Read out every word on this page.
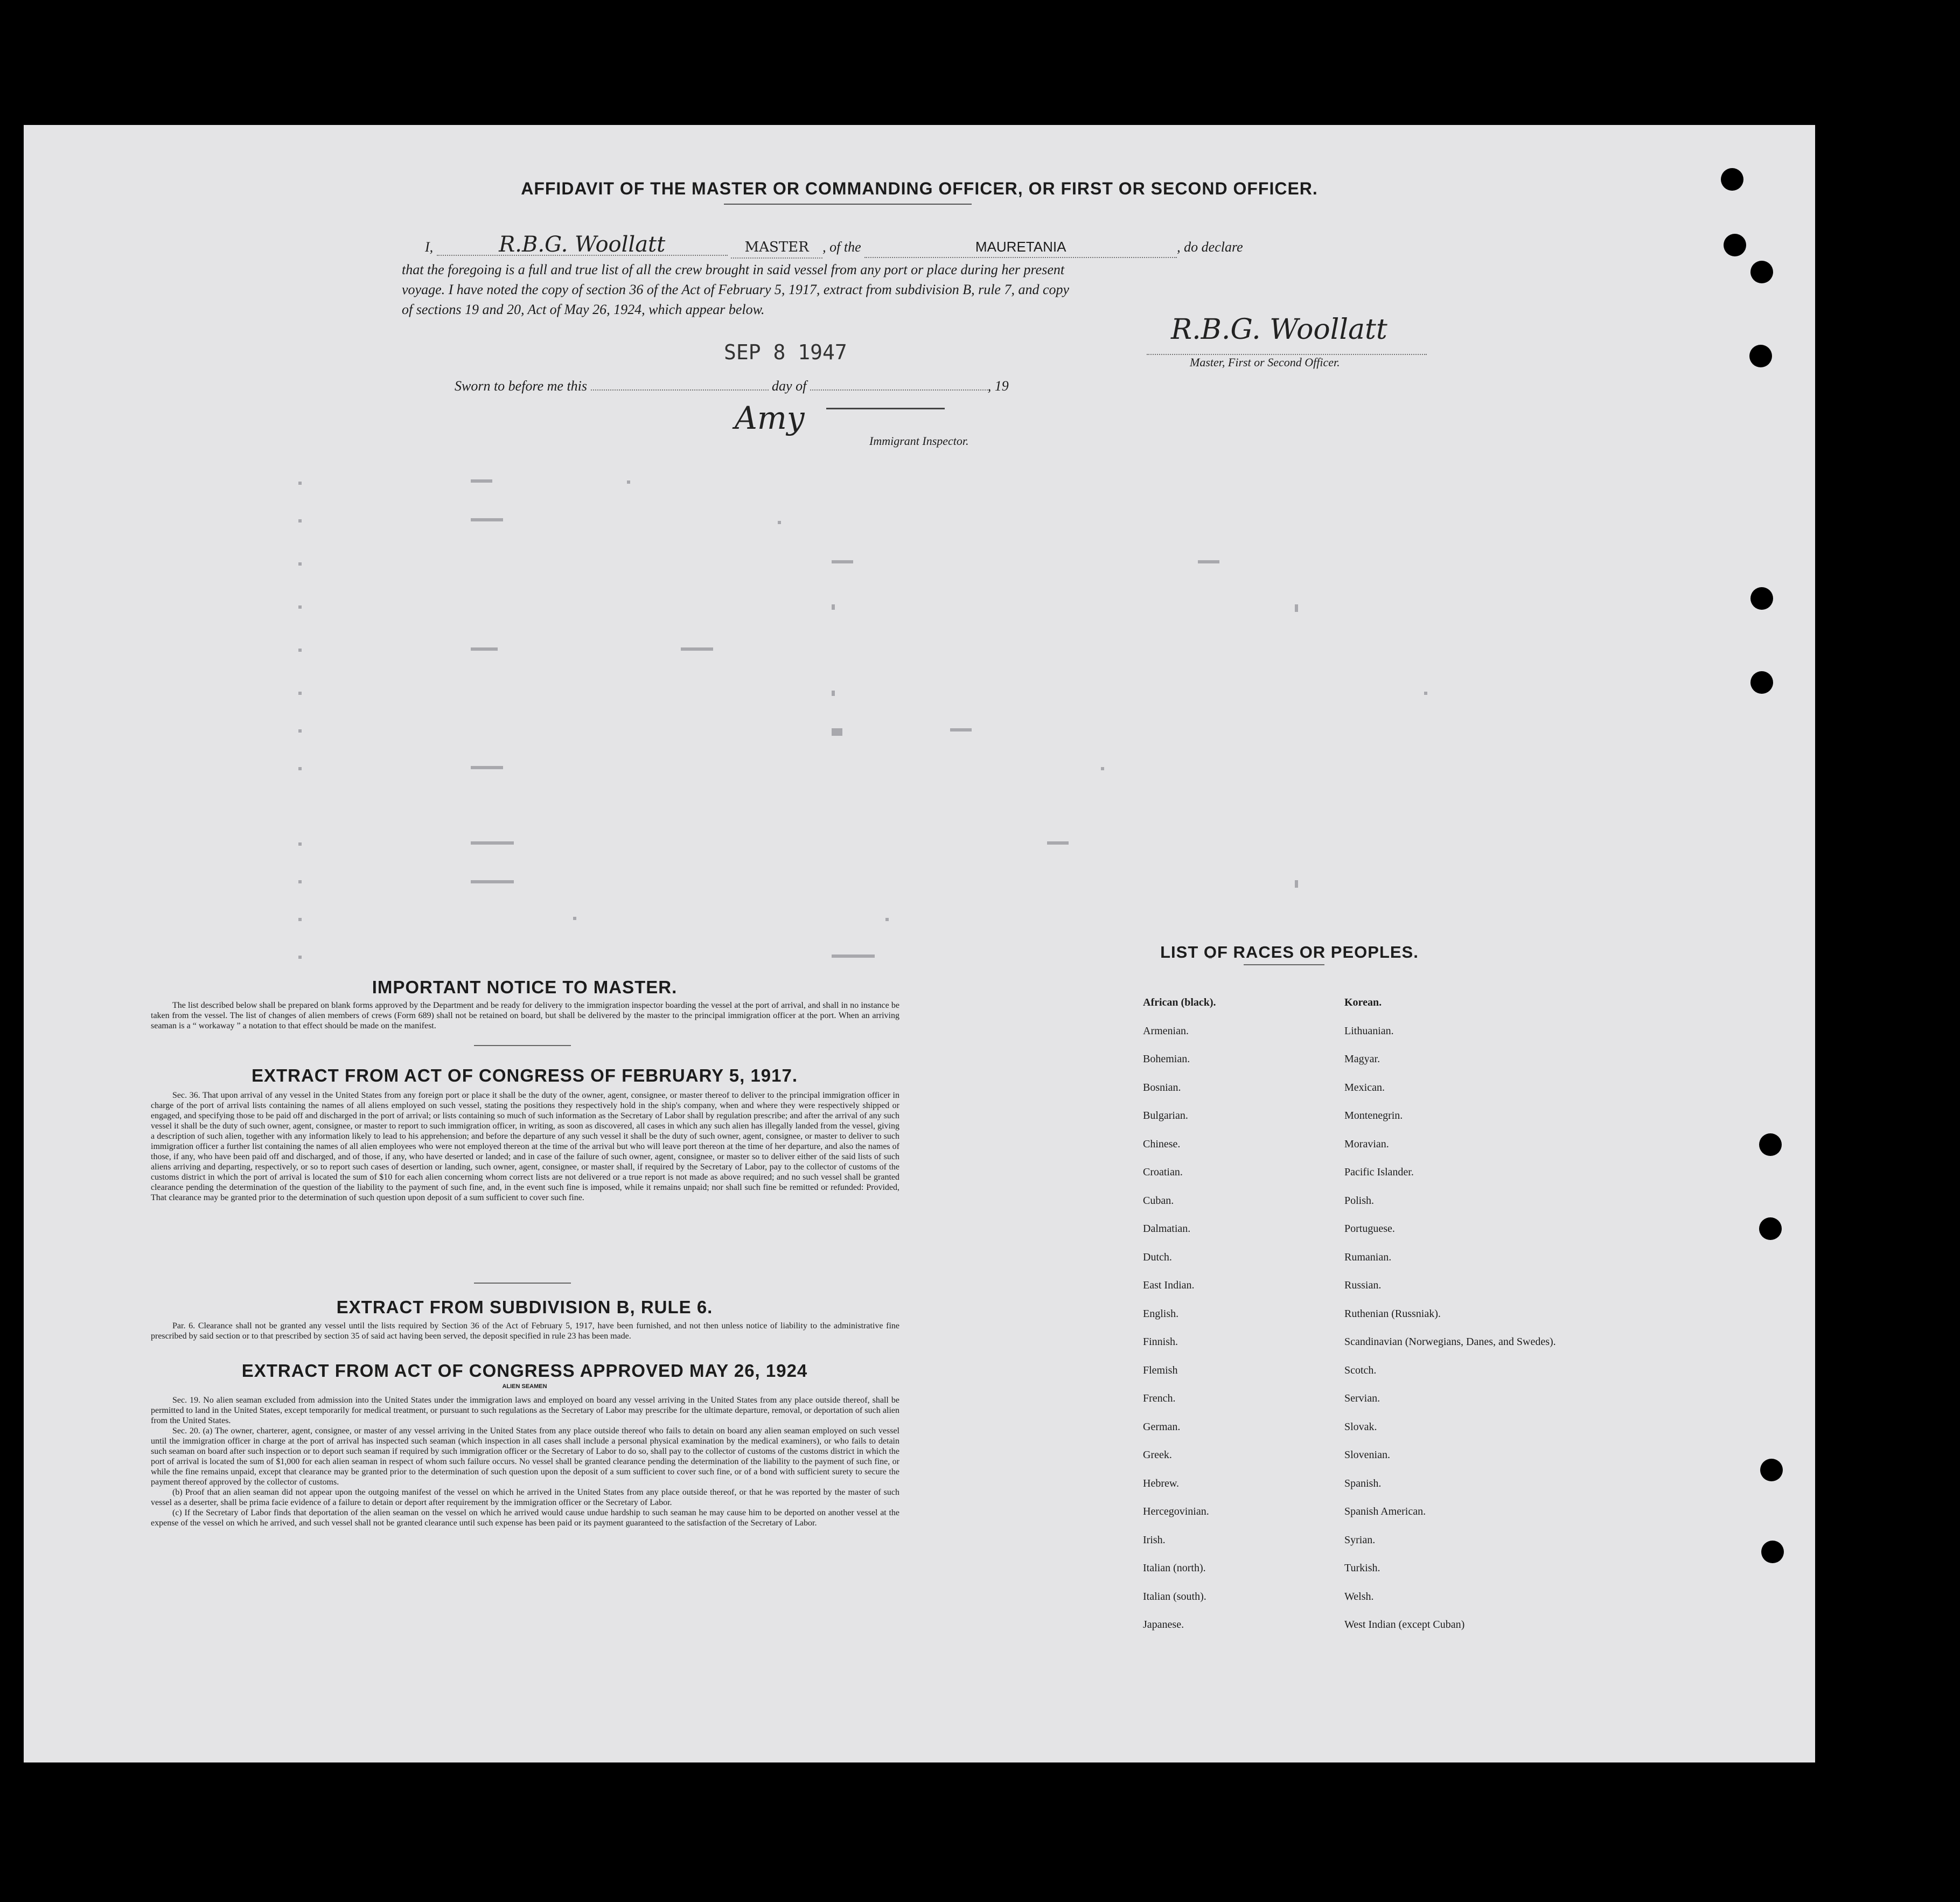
AFFIDAVIT OF THE MASTER OR COMMANDING OFFICER, OR FIRST OR SECOND OFFICER.
I,	R.B.G. Woollatt	MASTER , of the	MAURETANIA	, do declare
that the foregoing is a full and true list of all the crew brought in said vessel from any port or place during her present
voyage. I have noted the copy of section 36 of the Act of February 5, 1917, extract from subdivision B, rule 7, and copy
of sections 19 and 20, Act of May 26, 1924, which appear below.
R.B.G. Woollatt
Master, First or Second Officer.
Sworn to before me this	day of	, 19
SEP 8 1947
Amy
Immigrant Inspector.
IMPORTANT NOTICE TO MASTER.
The list described below shall be prepared on blank forms approved by the Department and be ready for delivery to the immigration inspector boarding the vessel at the port of arrival, and shall in no instance be taken from the vessel. The list of changes of alien members of crews (Form 689) shall not be retained on board, but shall be delivered by the master to the principal immigration officer at the port. When an arriving seaman is a “ workaway ” a notation to that effect should be made on the manifest.
EXTRACT FROM ACT OF CONGRESS OF FEBRUARY 5, 1917.
Sec. 36. That upon arrival of any vessel in the United States from any foreign port or place it shall be the duty of the owner, agent, consignee, or master thereof to deliver to the principal immigration officer in charge of the port of arrival lists containing the names of all aliens employed on such vessel, stating the positions they respectively hold in the ship's company, when and where they were respectively shipped or engaged, and specifying those to be paid off and discharged in the port of arrival; or lists containing so much of such information as the Secretary of Labor shall by regulation prescribe; and after the arrival of any such vessel it shall be the duty of such owner, agent, consignee, or master to report to such immigration officer, in writing, as soon as discovered, all cases in which any such alien has illegally landed from the vessel, giving a description of such alien, together with any information likely to lead to his apprehension; and before the departure of any such vessel it shall be the duty of such owner, agent, consignee, or master to deliver to such immigration officer a further list containing the names of all alien employees who were not employed thereon at the time of the arrival but who will leave port thereon at the time of her departure, and also the names of those, if any, who have been paid off and discharged, and of those, if any, who have deserted or landed; and in case of the failure of such owner, agent, consignee, or master so to deliver either of the said lists of such aliens arriving and departing, respectively, or so to report such cases of desertion or landing, such owner, agent, consignee, or master shall, if required by the Secretary of Labor, pay to the collector of customs of the customs district in which the port of arrival is located the sum of $10 for each alien concerning whom correct lists are not delivered or a true report is not made as above required; and no such vessel shall be granted clearance pending the determination of the question of the liability to the payment of such fine, and, in the event such fine is imposed, while it remains unpaid; nor shall such fine be remitted or refunded: Provided, That clearance may be granted prior to the determination of such question upon deposit of a sum sufficient to cover such fine.
EXTRACT FROM SUBDIVISION B, RULE 6.
Par. 6. Clearance shall not be granted any vessel until the lists required by Section 36 of the Act of February 5, 1917, have been furnished, and not then unless notice of liability to the administrative fine prescribed by said section or to that prescribed by section 35 of said act having been served, the deposit specified in rule 23 has been made.
EXTRACT FROM ACT OF CONGRESS APPROVED MAY 26, 1924
ALIEN SEAMEN
Sec. 19. No alien seaman excluded from admission into the United States under the immigration laws and employed on board any vessel arriving in the United States from any place outside thereof, shall be permitted to land in the United States, except temporarily for medical treatment, or pursuant to such regulations as the Secretary of Labor may prescribe for the ultimate departure, removal, or deportation of such alien from the United States.
Sec. 20. (a) The owner, charterer, agent, consignee, or master of any vessel arriving in the United States from any place outside thereof who fails to detain on board any alien seaman employed on such vessel until the immigration officer in charge at the port of arrival has inspected such seaman (which inspection in all cases shall include a personal physical examination by the medical examiners), or who fails to detain such seaman on board after such inspection or to deport such seaman if required by such immigration officer or the Secretary of Labor to do so, shall pay to the collector of customs of the customs district in which the port of arrival is located the sum of $1,000 for each alien seaman in respect of whom such failure occurs. No vessel shall be granted clearance pending the determination of the liability to the payment of such fine, or while the fine remains unpaid, except that clearance may be granted prior to the determination of such question upon the deposit of a sum sufficient to cover such fine, or of a bond with sufficient surety to secure the payment thereof approved by the collector of customs.
(b) Proof that an alien seaman did not appear upon the outgoing manifest of the vessel on which he arrived in the United States from any place outside thereof, or that he was reported by the master of such vessel as a deserter, shall be prima facie evidence of a failure to detain or deport after requirement by the immigration officer or the Secretary of Labor.
(c) If the Secretary of Labor finds that deportation of the alien seaman on the vessel on which he arrived would cause undue hardship to such seaman he may cause him to be deported on another vessel at the expense of the vessel on which he arrived, and such vessel shall not be granted clearance until such expense has been paid or its payment guaranteed to the satisfaction of the Secretary of Labor.
LIST OF RACES OR PEOPLES.
African (black).
Armenian.
Bohemian.
Bosnian.
Bulgarian.
Chinese.
Croatian.
Cuban.
Dalmatian.
Dutch.
East Indian.
English.
Finnish.
Flemish
French.
German.
Greek.
Hebrew.
Hercegovinian.
Irish.
Italian (north).
Italian (south).
Japanese.
Korean.
Lithuanian.
Magyar.
Mexican.
Montenegrin.
Moravian.
Pacific Islander.
Polish.
Portuguese.
Rumanian.
Russian.
Ruthenian (Russniak).
Scandinavian (Norwegians, Danes, and Swedes).
Scotch.
Servian.
Slovak.
Slovenian.
Spanish.
Spanish American.
Syrian.
Turkish.
Welsh.
West Indian (except Cuban)
